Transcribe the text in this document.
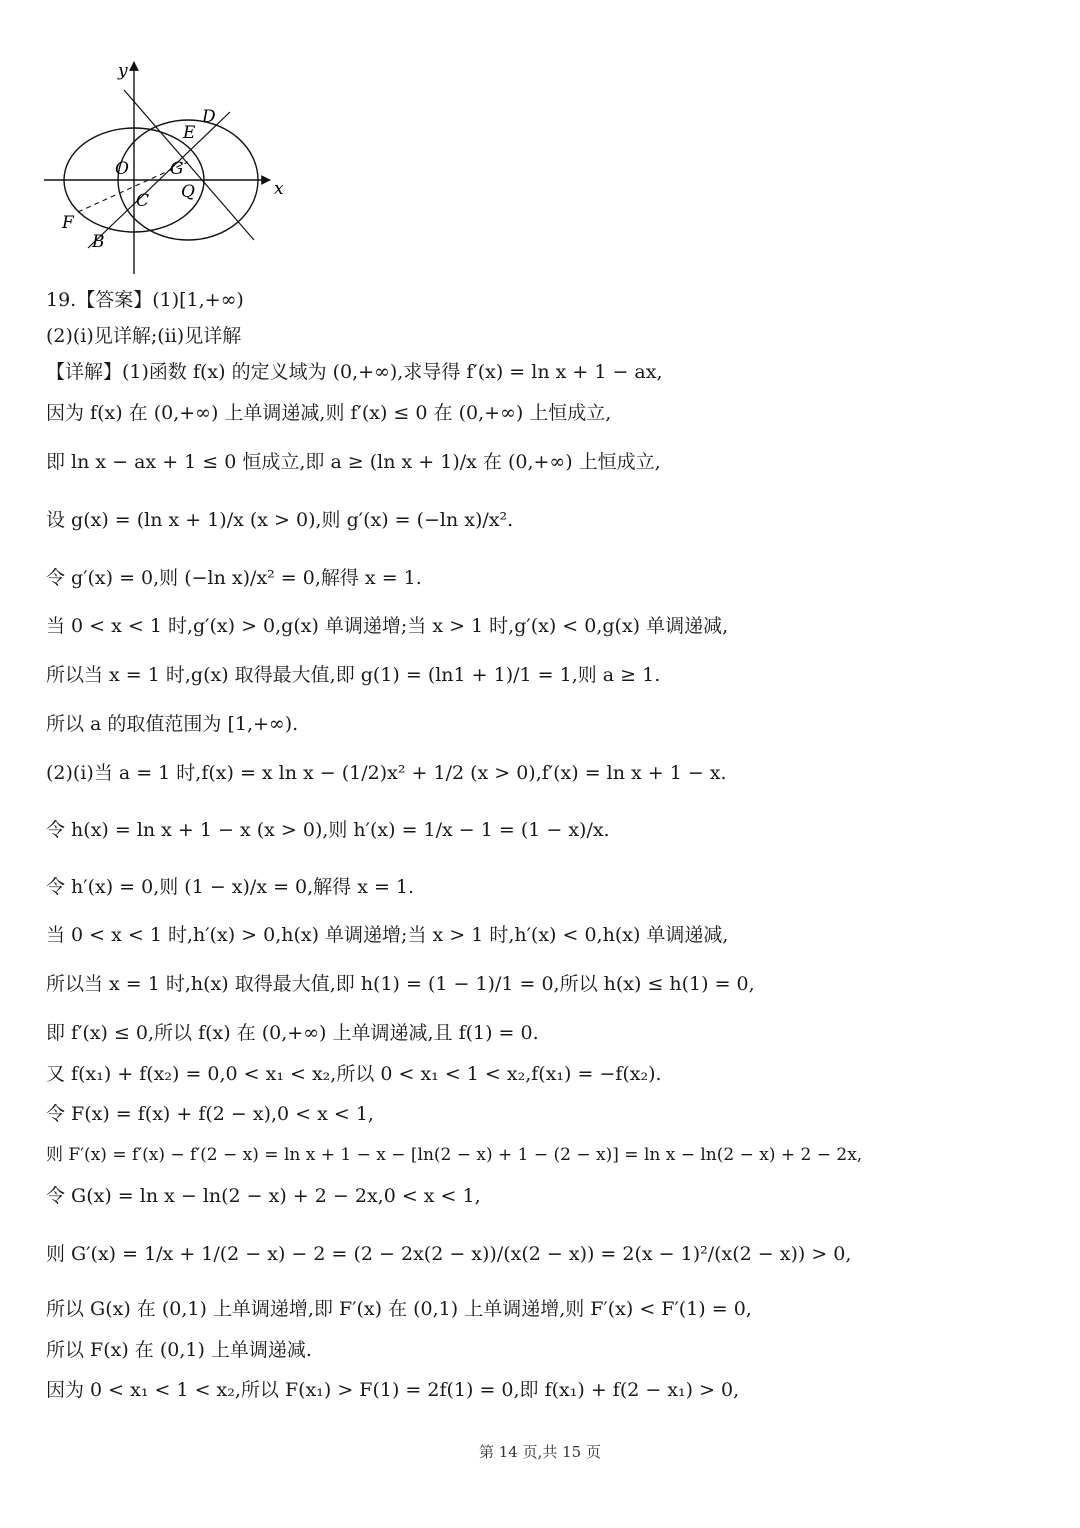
y
x
D
E
O G
Q
C
F
B
19.【答案】(1)[1,+∞)
(2)(i)见详解;(ii)见详解
【详解】(1)函数 f(x) 的定义域为 (0,+∞),求导得 f′(x) = ln x + 1 − ax,
因为 f(x) 在 (0,+∞) 上单调递减,则 f′(x) ≤ 0 在 (0,+∞) 上恒成立,
即 ln x − ax + 1 ≤ 0 恒成立,即 a ≥ (ln x + 1)/x 在 (0,+∞) 上恒成立,
设 g(x) = (ln x + 1)/x (x > 0),则 g′(x) = (−ln x)/x².
令 g′(x) = 0,则 (−ln x)/x² = 0,解得 x = 1.
当 0 < x < 1 时,g′(x) > 0,g(x) 单调递增;当 x > 1 时,g′(x) < 0,g(x) 单调递减,
所以当 x = 1 时,g(x) 取得最大值,即 g(1) = (ln1 + 1)/1 = 1,则 a ≥ 1.
所以 a 的取值范围为 [1,+∞).
(2)(i)当 a = 1 时,f(x) = x ln x − (1/2)x² + 1/2 (x > 0),f′(x) = ln x + 1 − x.
令 h(x) = ln x + 1 − x (x > 0),则 h′(x) = 1/x − 1 = (1 − x)/x.
令 h′(x) = 0,则 (1 − x)/x = 0,解得 x = 1.
当 0 < x < 1 时,h′(x) > 0,h(x) 单调递增;当 x > 1 时,h′(x) < 0,h(x) 单调递减,
所以当 x = 1 时,h(x) 取得最大值,即 h(1) = (1 − 1)/1 = 0,所以 h(x) ≤ h(1) = 0,
即 f′(x) ≤ 0,所以 f(x) 在 (0,+∞) 上单调递减,且 f(1) = 0.
又 f(x₁) + f(x₂) = 0,0 < x₁ < x₂,所以 0 < x₁ < 1 < x₂,f(x₁) = −f(x₂).
令 F(x) = f(x) + f(2 − x),0 < x < 1,
则 F′(x) = f′(x) − f′(2 − x) = ln x + 1 − x − [ln(2 − x) + 1 − (2 − x)] = ln x − ln(2 − x) + 2 − 2x,
令 G(x) = ln x − ln(2 − x) + 2 − 2x,0 < x < 1,
则 G′(x) = 1/x + 1/(2 − x) − 2 = (2 − 2x(2 − x))/(x(2 − x)) = 2(x − 1)²/(x(2 − x)) > 0,
所以 G(x) 在 (0,1) 上单调递增,即 F′(x) 在 (0,1) 上单调递增,则 F′(x) < F′(1) = 0,
所以 F(x) 在 (0,1) 上单调递减.
因为 0 < x₁ < 1 < x₂,所以 F(x₁) > F(1) = 2f(1) = 0,即 f(x₁) + f(2 − x₁) > 0,
第 14 页,共 15 页
